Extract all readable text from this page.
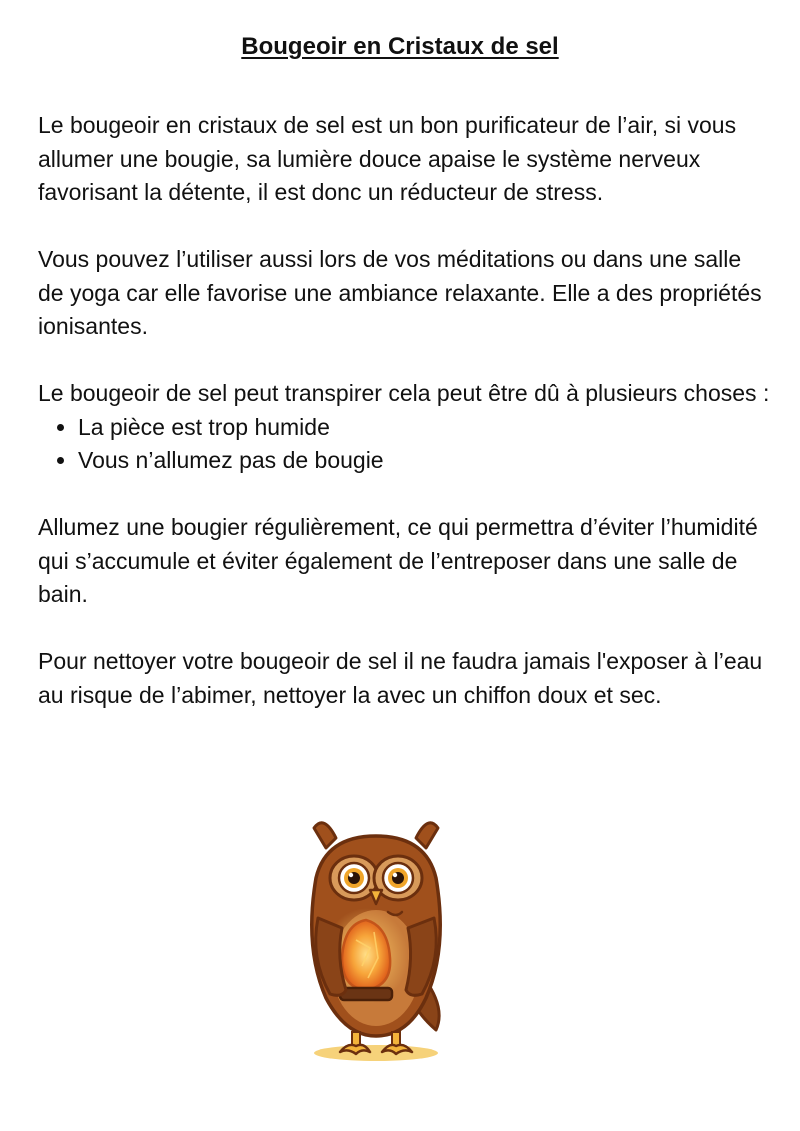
Bougeoir en Cristaux de sel

Le bougeoir en cristaux de sel est un bon purificateur de l’air, si vous allumer une bougie, sa lumière douce apaise le système nerveux favorisant la détente, il est donc un réducteur de stress.

Vous pouvez l’utiliser aussi lors de vos méditations ou dans une salle de yoga car elle favorise une ambiance relaxante. Elle a des propriétés ionisantes.

Le bougeoir de sel peut transpirer cela peut être dû à plusieurs choses :

• La pièce est trop humide
• Vous n’allumez pas de bougie

Allumez une bougier régulièrement, ce qui permettra d’éviter l’humidité qui s’accumule et éviter également de l’entreposer dans une salle de bain.

Pour nettoyer votre bougeoir de sel il ne faudra jamais l'exposer à l’eau au risque de l’abimer, nettoyer la avec un chiffon doux et sec.
